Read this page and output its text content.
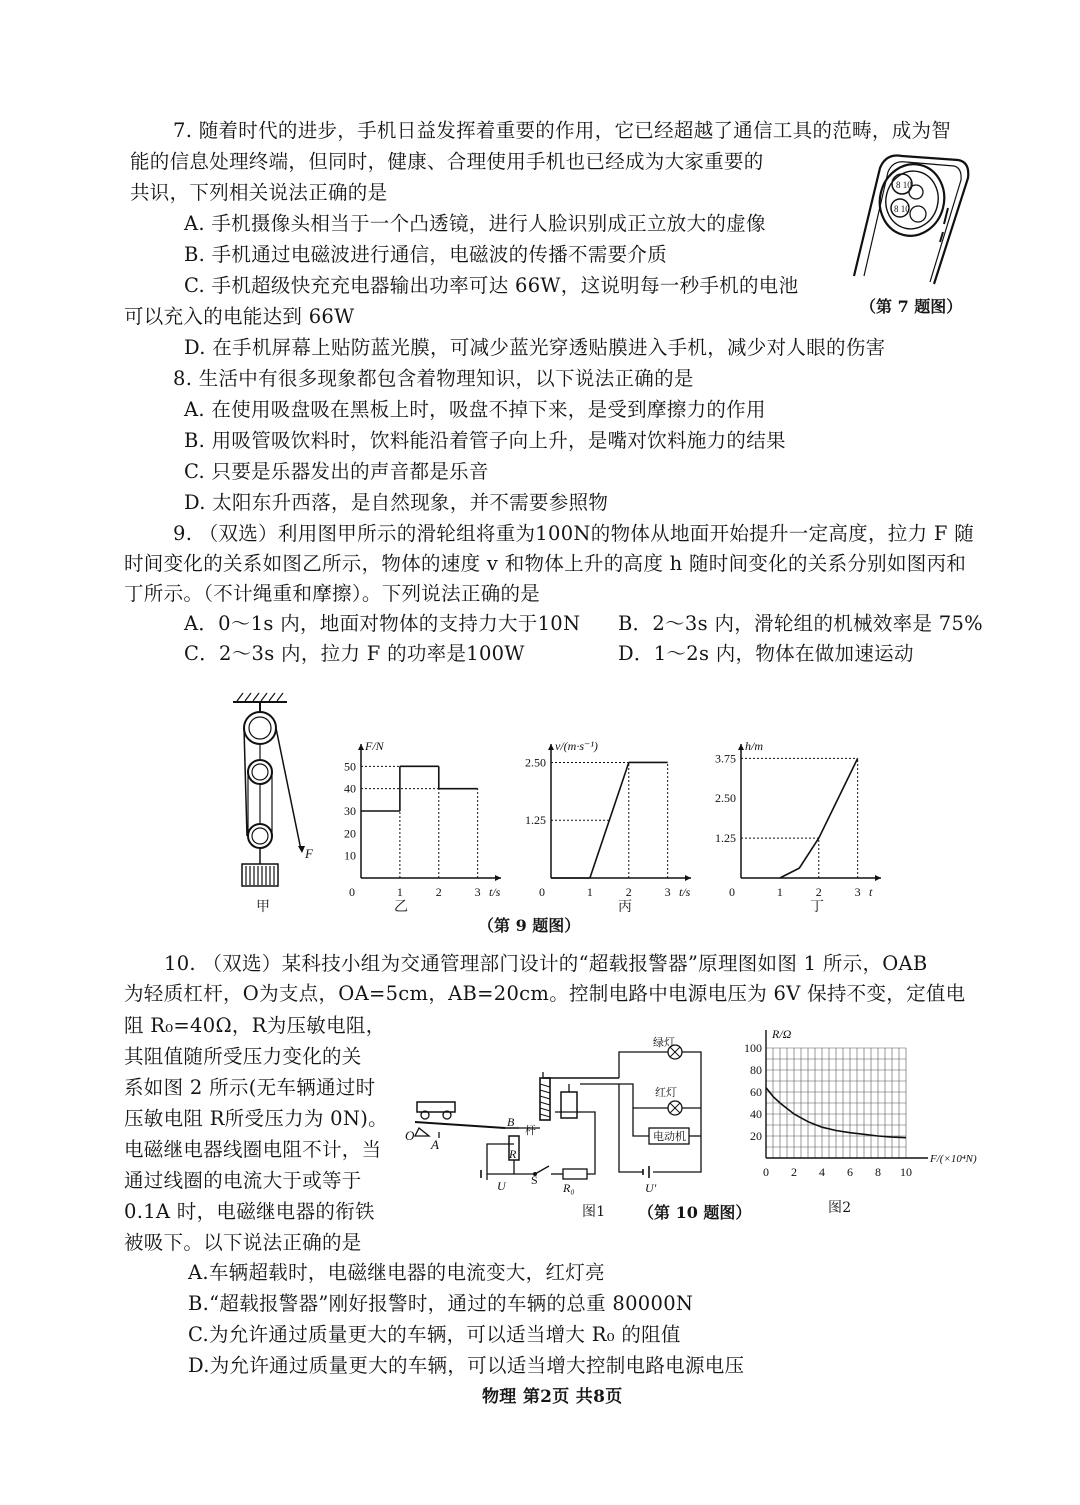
7. 随着时代的进步，手机日益发挥着重要的作用，它已经超越了通信工具的范畴，成为智
能的信息处理终端，但同时，健康、合理使用手机也已经成为大家重要的
共识，下列相关说法正确的是
A. 手机摄像头相当于一个凸透镜，进行人脸识别成正立放大的虚像
B. 手机通过电磁波进行通信，电磁波的传播不需要介质
C. 手机超级快充充电器输出功率可达 66W，这说明每一秒手机的电池
可以充入的电能达到 66W
D. 在手机屏幕上贴防蓝光膜，可减少蓝光穿透贴膜进入手机，减少对人眼的伤害
（第 7 题图）
8 10
8 10
8. 生活中有很多现象都包含着物理知识，以下说法正确的是
A. 在使用吸盘吸在黑板上时，吸盘不掉下来，是受到摩擦力的作用
B. 用吸管吸饮料时，饮料能沿着管子向上升，是嘴对饮料施力的结果
C. 只要是乐器发出的声音都是乐音
D. 太阳东升西落，是自然现象，并不需要参照物
9. （双选）利用图甲所示的滑轮组将重为100N的物体从地面开始提升一定高度，拉力 F 随
时间变化的关系如图乙所示，物体的速度 v 和物体上升的高度 h 随时间变化的关系分别如图丙和
丁所示。（不计绳重和摩擦）。下列说法正确的是
A．0～1s 内，地面对物体的支持力大于10N B．2～3s 内，滑轮组的机械效率是 75%
C．2～3s 内，拉力 F 的功率是100W	D．1～2s 内，物体在做加速运动
F
甲
F/N
t/s
0	1	2	3
50
40
30
20
10
乙
v/(m·s⁻¹)
t/s
0	1	2	3
2.50
1.25
丙
h/m
t
0	1	2	3
3.75
2.50
1.25
丁
（第 9 题图）
10. （双选）某科技小组为交通管理部门设计的“超载报警器”原理图如图 1 所示，OAB
为轻质杠杆，O为支点，OA=5cm，AB=20cm。控制电路中电源电压为 6V 保持不变，定值电
阻 R₀=40Ω，R为压敏电阻，
其阻值随所受压力变化的关
系如图 2 所示(无车辆通过时
压敏电阻 R所受压力为 0N)。
电磁继电器线圈电阻不计，当
通过线圈的电流大于或等于
0.1A 时，电磁继电器的衔铁
被吸下。以下说法正确的是
A.车辆超载时，电磁继电器的电流变大，红灯亮
B.“超载报警器”刚好报警时，通过的车辆的总重 80000N
C.为允许通过质量更大的车辆，可以适当增大 R₀ 的阻值
D.为允许通过质量更大的车辆，可以适当增大控制电路电源电压
O
A
B
杆
R
U S
R₀
绿灯
红灯
电动机
U′
图1 （第 10 题图）
R/Ω
F/(×10⁴N)
100
80
60
40
20
0 2 4 6 8 10
图2
物理 第2页 共8页
